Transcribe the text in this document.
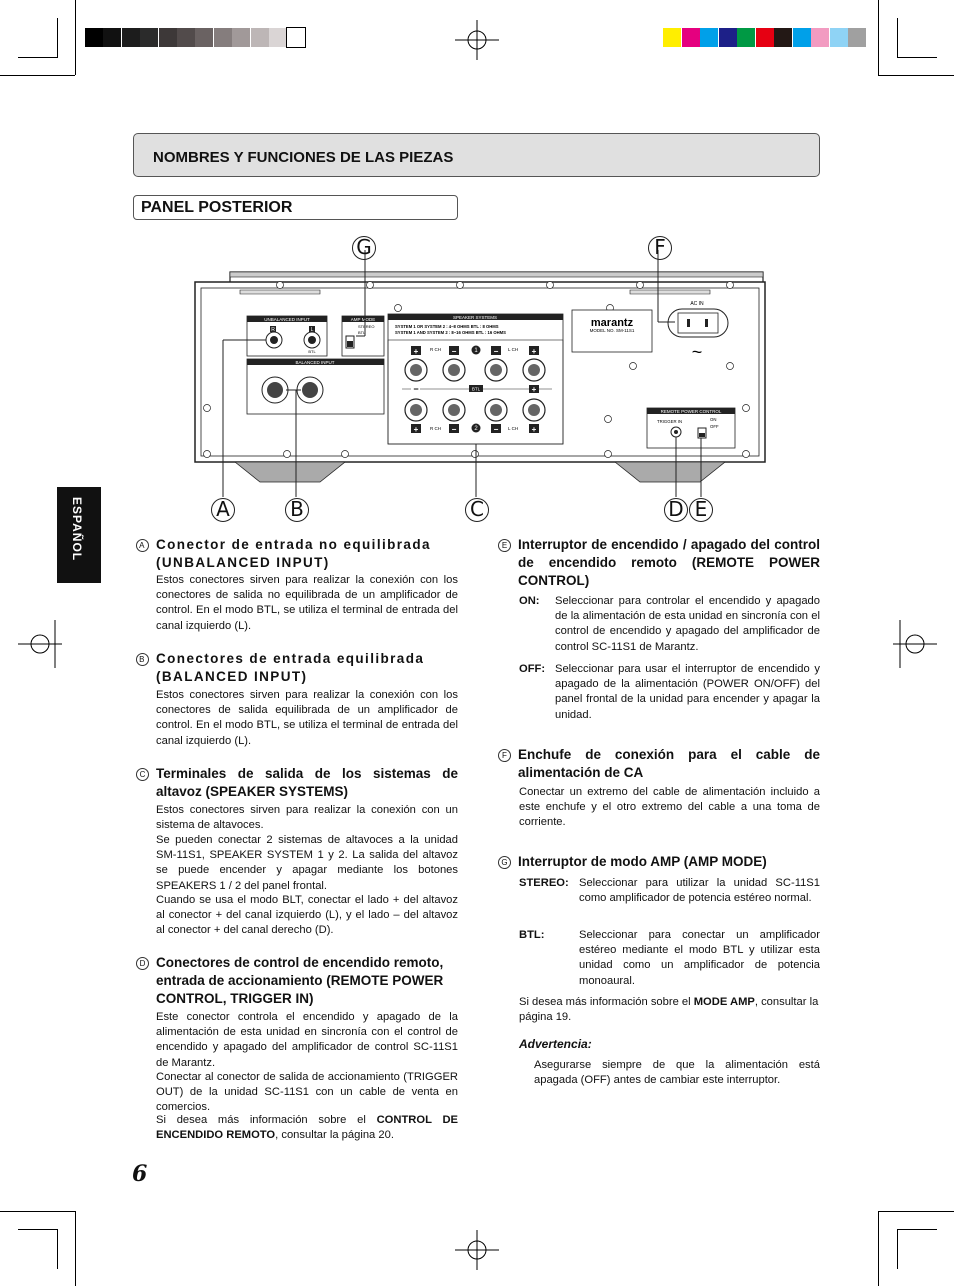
NOMBRES Y FUNCIONES DE LAS PIEZAS
PANEL POSTERIOR
ESPAÑOL
UNBALANCED INPUT
R	L
BTL
BALANCED INPUT
AMP MODE
STEREO
BTL
SPEAKER SYSTEMS
SYSTEM 1 OR SYSTEM 2 : 4~8 OHMS BTL : 8 OHMS
SYSTEM 1 AND SYSTEM 2 : 8~16 OHMS BTL : 16 OHMS
+	−	−	+
+	−	−	+
R CH	L CH
R CH	L CH
1
2
BTL
−	+
marantz
MODEL NO. SM-11S1
AC IN
~
REMOTE POWER CONTROL
TRIGGER IN	ON
OFF
G	F
A	B	C	D E
A Conector de entrada no equilibrada (UNBALANCED INPUT)
Estos conectores sirven para realizar la conexión con los conectores de salida no equilibrada de un amplificador de control. En el modo BTL, se utiliza el terminal de entrada del canal izquierdo (L).
B Conectores de entrada equilibrada (BALANCED INPUT)
Estos conectores sirven para realizar la conexión con los conectores de salida equilibrada de un amplificador de control. En el modo BTL, se utiliza el terminal de entrada del canal izquierdo (L).
C Terminales de salida de los sistemas de altavoz (SPEAKER SYSTEMS)
Estos conectores sirven para realizar la conexión con un sistema de altavoces.
Se pueden conectar 2 sistemas de altavoces a la unidad SM-11S1, SPEAKER SYSTEM 1 y 2. La salida del altavoz se puede encender y apagar mediante los botones SPEAKERS 1 / 2 del panel frontal.
Cuando se usa el modo BLT, conectar el lado + del altavoz al conector + del canal izquierdo (L), y el lado – del altavoz al conector + del canal derecho (D).
D Conectores de control de encendido remoto, entrada de accionamiento (REMOTE POWER CONTROL, TRIGGER IN)
Este conector controla el encendido y apagado de la alimentación de esta unidad en sincronía con el control de encendido y apagado del amplificador de control SC-11S1 de Marantz.
Conectar al conector de salida de accionamiento (TRIGGER OUT) de la unidad SC-11S1 con un cable de venta en comercios.
Si desea más información sobre el CONTROL DE ENCENDIDO REMOTO, consultar la página 20.
E Interruptor de encendido / apagado del control de encendido remoto (REMOTE POWER CONTROL)
ON: Seleccionar para controlar el encendido y apagado de la alimentación de esta unidad en sincronía con el control de encendido y apagado del amplificador de control SC-11S1 de Marantz.
OFF: Seleccionar para usar el interruptor de encendido y apagado de la alimentación (POWER ON/OFF) del panel frontal de la unidad para encender y apagar la unidad.
F Enchufe de conexión para el cable de alimentación de CA
Conectar un extremo del cable de alimentación incluido a este enchufe y el otro extremo del cable a una toma de corriente.
G Interruptor de modo AMP (AMP MODE)
STEREO: Seleccionar para utilizar la unidad SC-11S1 como amplificador de potencia estéreo normal.
BTL:	Seleccionar para conectar un amplificador estéreo mediante el modo BTL y utilizar esta unidad como un amplificador de potencia monoaural.
Si desea más información sobre el MODE AMP, consultar la página 19.
Advertencia:
Asegurarse siempre de que la alimentación está apagada (OFF) antes de cambiar este interruptor.
6
